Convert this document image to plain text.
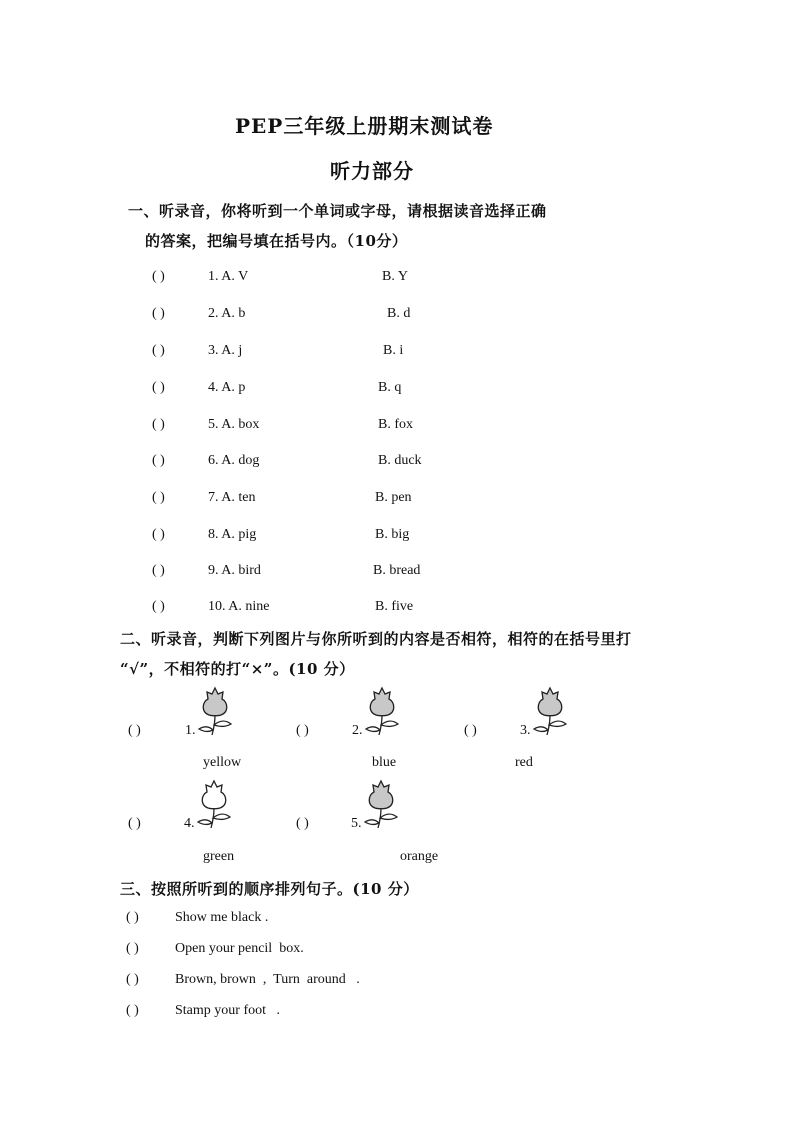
PEP三年级上册期末测试卷
听力部分
一、听录音，你将听到一个单词或字母，请根据读音选择正确
的答案，把编号填在括号内。（10分）
( )	1. A. V	B. Y
( )	2. A. b	B. d
( )	3. A. j	B. i
( )	4. A. p	B. q
( )	5. A. box	B. fox
( )	6. A. dog	B. duck
( )	7. A. ten	B. pen
( )	8. A. pig	B. big
( )	9. A. bird	B. bread
( )	10. A. nine	B. five
二、听录音，判断下列图片与你所听到的内容是否相符，相符的在括号里打
“√”，不相符的打“×”。(10 分）
( )	1.
yellow
( )	2.
blue
( )	3.
red
( )	4.
green
( )	5.
orange
三、按照所听到的顺序排列句子。(10 分）
( )	Show me black .
( )	Open your pencil  box.
( )	Brown, brown  ,  Turn  around   .
( )	Stamp your foot   .
